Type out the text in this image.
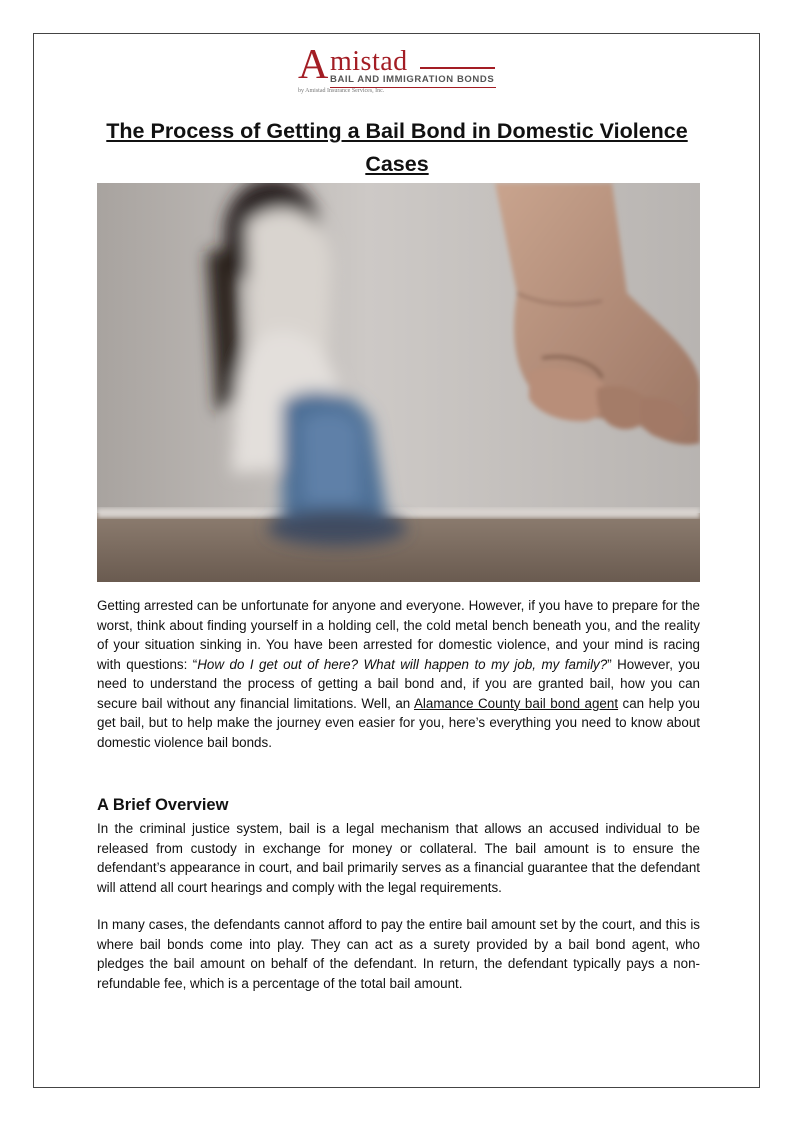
A mistad
BAIL AND IMMIGRATION BONDS
by Amistad Insurance Services, Inc.
The Process of Getting a Bail Bond in Domestic Violence Cases

Getting arrested can be unfortunate for anyone and everyone. However, if you have to prepare for the worst, think about finding yourself in a holding cell, the cold metal bench beneath you, and the reality of your situation sinking in. You have been arrested for domestic violence, and your mind is racing with questions: “How do I get out of here? What will happen to my job, my family?” However, you need to understand the process of getting a bail bond and, if you are granted bail, how you can secure bail without any financial limitations. Well, an Alamance County bail bond agent can help you get bail, but to help make the journey even easier for you, here’s everything you need to know about domestic violence bail bonds.

A Brief Overview

In the criminal justice system, bail is a legal mechanism that allows an accused individual to be released from custody in exchange for money or collateral. The bail amount is to ensure the defendant’s appearance in court, and bail primarily serves as a financial guarantee that the defendant will attend all court hearings and comply with the legal requirements.

In many cases, the defendants cannot afford to pay the entire bail amount set by the court, and this is where bail bonds come into play. They can act as a surety provided by a bail bond agent, who pledges the bail amount on behalf of the defendant. In return, the defendant typically pays a non-refundable fee, which is a percentage of the total bail amount.
